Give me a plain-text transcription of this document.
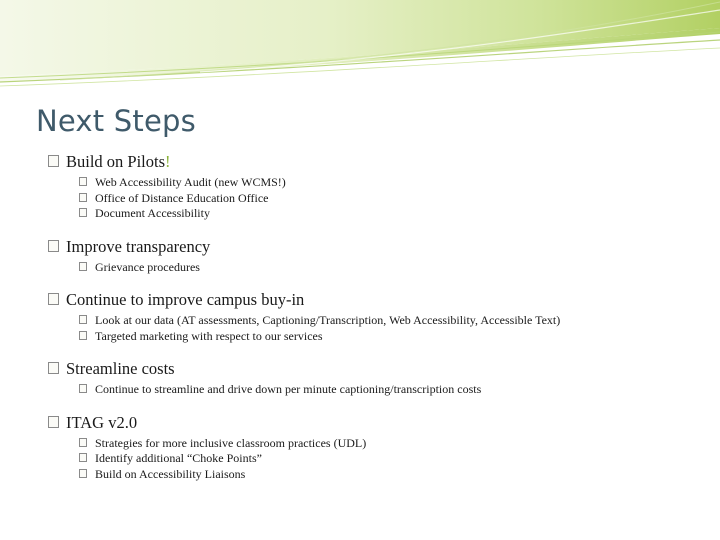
Next Steps
Build on Pilots !
Web Accessibility Audit (new WCMS!)
Office of Distance Education Office
Document Accessibility
Improve transparency
Grievance procedures
Continue to improve campus buy-in
Look at our data (AT assessments, Captioning/Transcription, Web Accessibility, Accessible Text)
Targeted marketing with respect to our services
Streamline costs
Continue to streamline and drive down per minute captioning/transcription costs
ITAG v2.0
Strategies for more inclusive classroom practices (UDL)
Identify additional “Choke Points”
Build on Accessibility Liaisons
